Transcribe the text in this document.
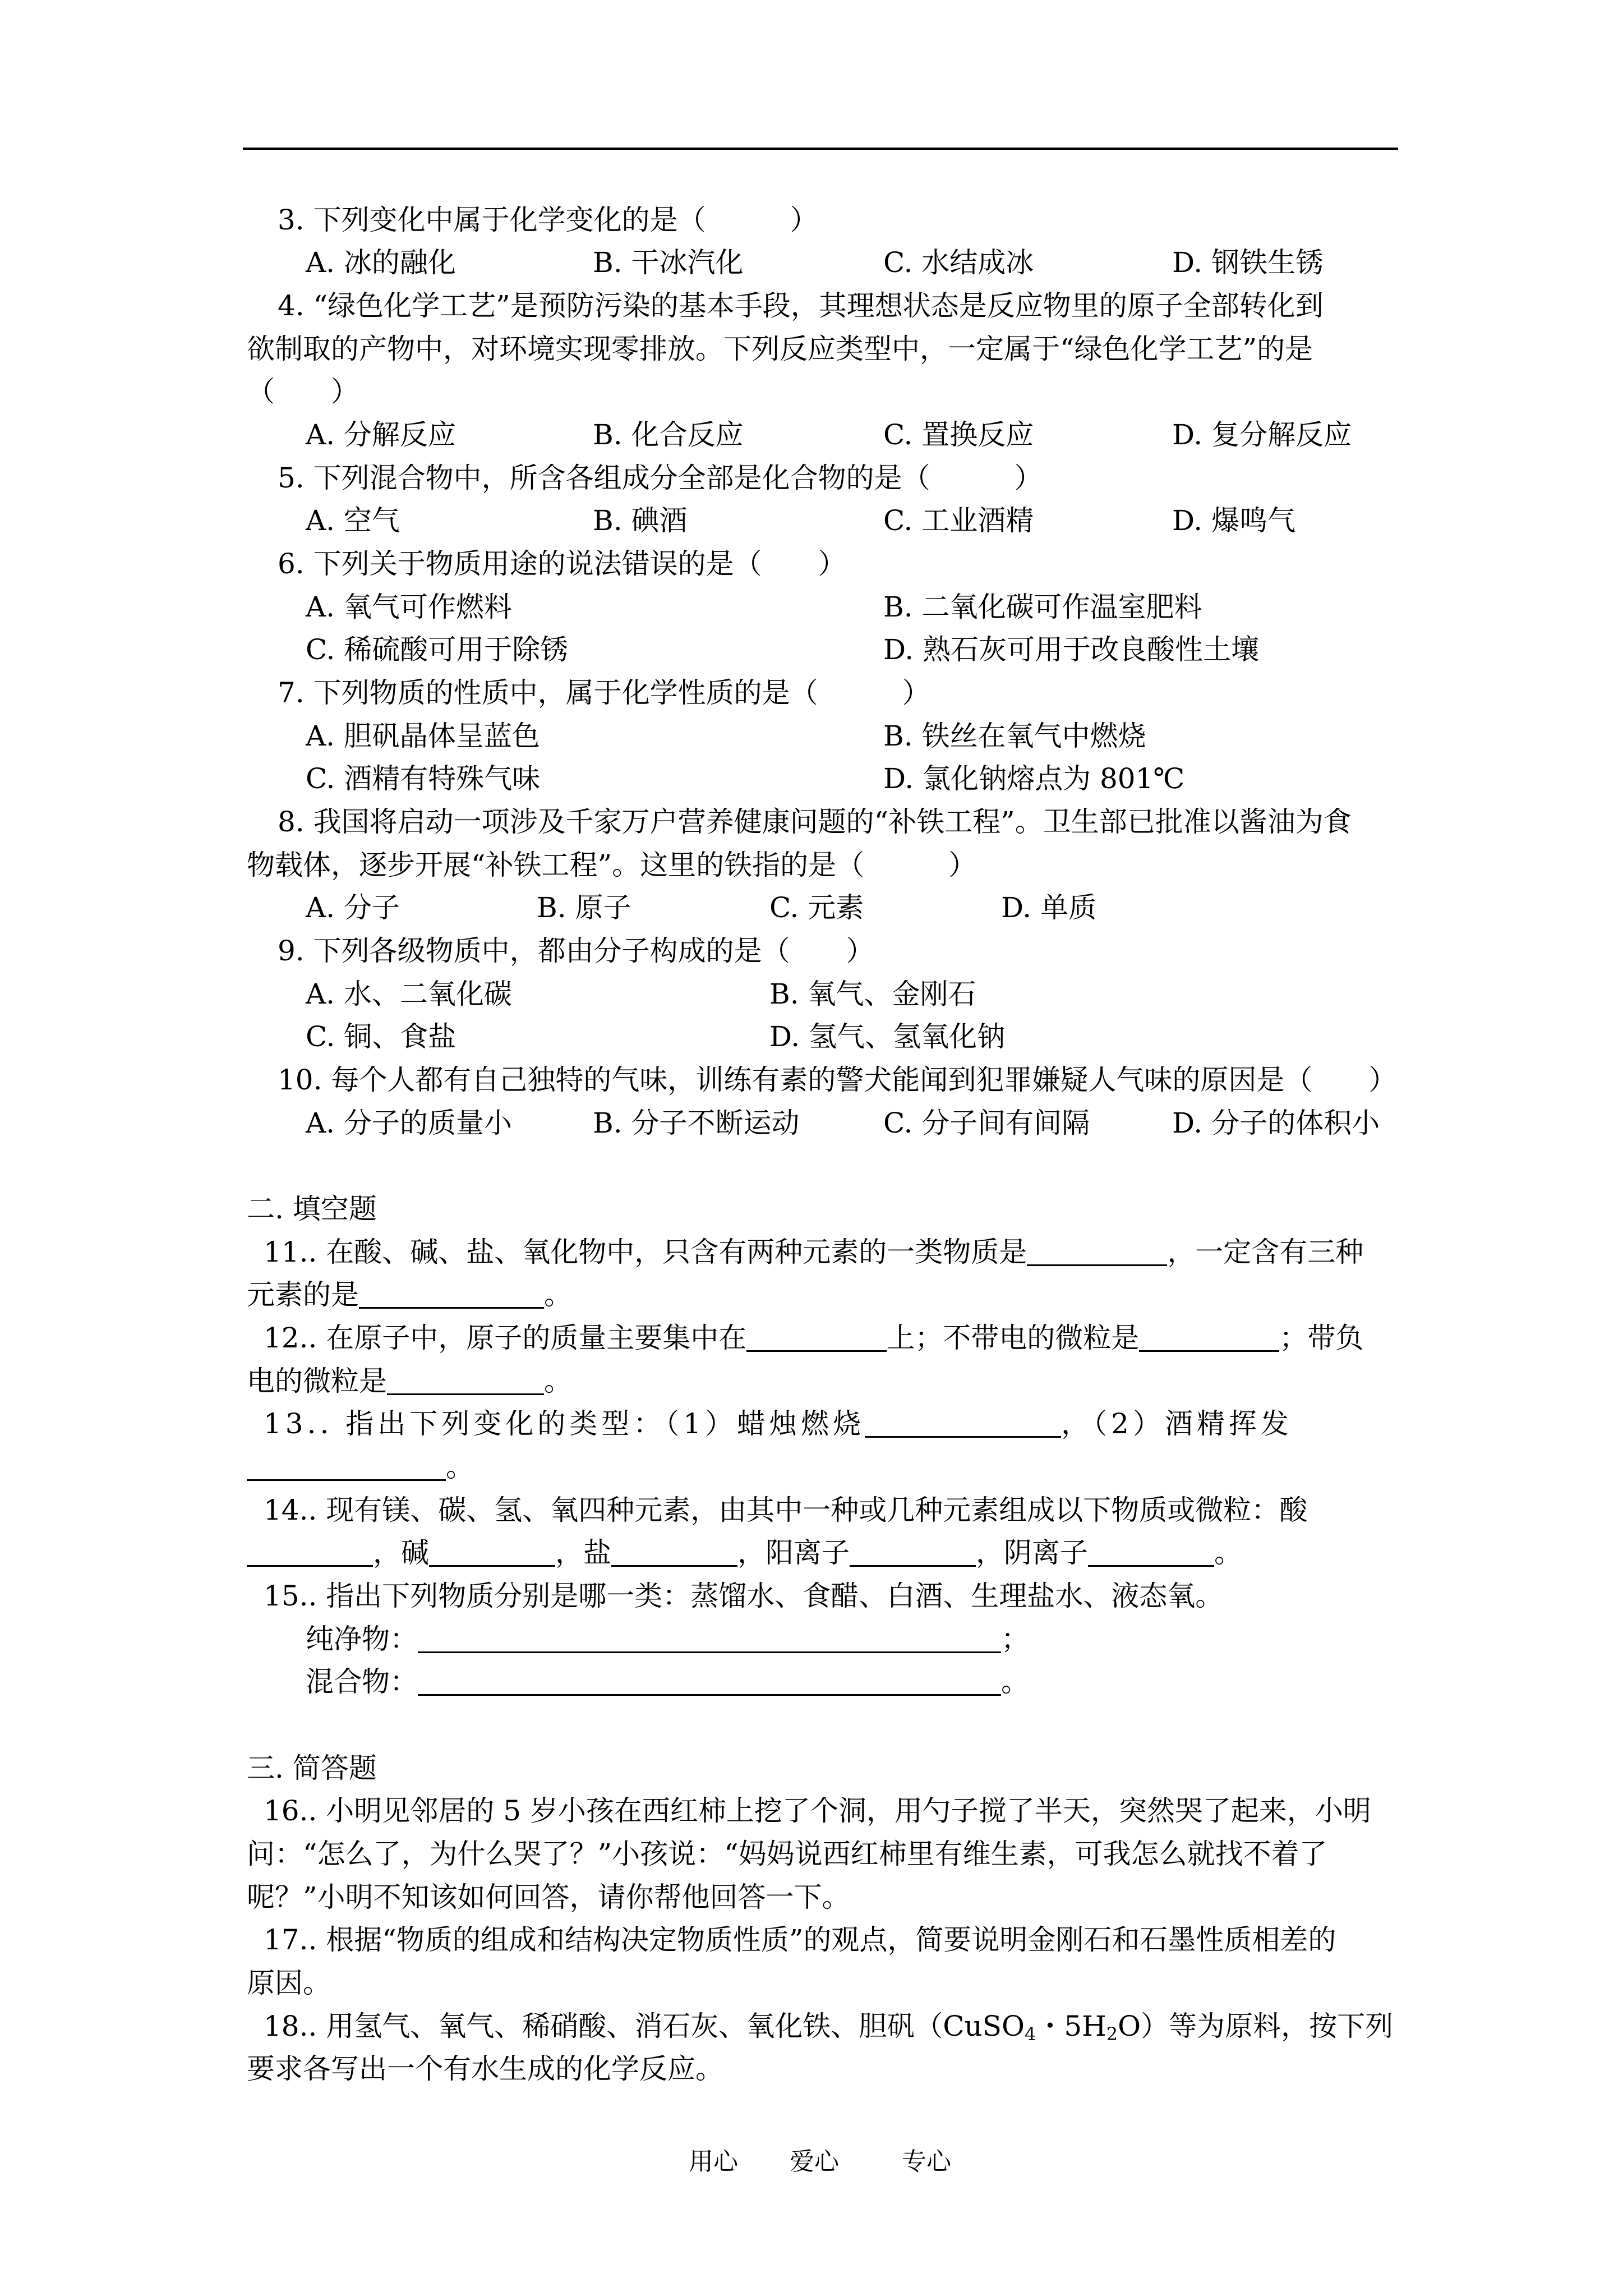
3. 下列变化中属于化学变化的是（　　　）
A. 冰的融化	B. 干冰汽化	C. 水结成冰	D. 钢铁生锈
4. “绿色化学工艺”是预防污染的基本手段，其理想状态是反应物里的原子全部转化到
欲制取的产物中，对环境实现零排放。下列反应类型中，一定属于“绿色化学工艺”的是
（　　）
A. 分解反应	B. 化合反应	C. 置换反应	D. 复分解反应
5. 下列混合物中，所含各组成分全部是化合物的是（　　　）
A. 空气	B. 碘酒	C. 工业酒精	D. 爆鸣气
6. 下列关于物质用途的说法错误的是（　　）
A. 氧气可作燃料	B. 二氧化碳可作温室肥料
C. 稀硫酸可用于除锈	D. 熟石灰可用于改良酸性土壤
7. 下列物质的性质中，属于化学性质的是（　　　）
A. 胆矾晶体呈蓝色	B. 铁丝在氧气中燃烧
C. 酒精有特殊气味	D. 氯化钠熔点为 801℃
8. 我国将启动一项涉及千家万户营养健康问题的“补铁工程”。卫生部已批准以酱油为食
物载体，逐步开展“补铁工程”。这里的铁指的是（　　　）
A. 分子	B. 原子	C. 元素	D. 单质
9. 下列各级物质中，都由分子构成的是（　　）
A. 水、二氧化碳	B. 氧气、金刚石
C. 铜、食盐	D. 氢气、氢氧化钠
10. 每个人都有自己独特的气味，训练有素的警犬能闻到犯罪嫌疑人气味的原因是（　　）
A. 分子的质量小	B. 分子不断运动	C. 分子间有间隔	D. 分子的体积小
二. 填空题
11.. 在酸、碱、盐、氧化物中，只含有两种元素的一类物质是	，一定含有三种
元素的是	。
12.. 在原子中，原子的质量主要集中在	上；不带电的微粒是	；带负
电的微粒是	。
13.. 指出下列变化的类型：（1）蜡烛燃烧	，（2）酒精挥发
。
14.. 现有镁、碳、氢、氧四种元素，由其中一种或几种元素组成以下物质或微粒：酸
，碱	，盐	，阳离子	，阴离子	。
15.. 指出下列物质分别是哪一类：蒸馏水、食醋、白酒、生理盐水、液态氧。
纯净物：	；
混合物：	。
三. 简答题
16.. 小明见邻居的 5 岁小孩在西红柿上挖了个洞，用勺子搅了半天，突然哭了起来，小明
问：“怎么了，为什么哭了？”小孩说：“妈妈说西红柿里有维生素，可我怎么就找不着了
呢？”小明不知该如何回答，请你帮他回答一下。
17.. 根据“物质的组成和结构决定物质性质”的观点，简要说明金刚石和石墨性质相差的
原因。
18.. 用氢气、氧气、稀硝酸、消石灰、氧化铁、胆矾（CuSO$_4$・$5H_2O$）等为原料，按下列
要求各写出一个有水生成的化学反应。
用心 爱心	专心
